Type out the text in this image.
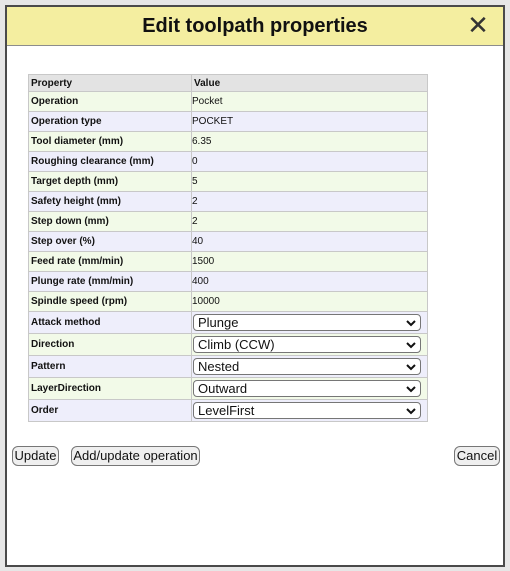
Edit toolpath properties	✕
Property	Value
Operation	Pocket
Operation type	POCKET
Tool diameter (mm)	6.35
Roughing clearance (mm)	0
Target depth (mm)	5
Safety height (mm)	2
Step down (mm)	2
Step over (%)	40
Feed rate (mm/min)	1500
Plunge rate (mm/min)	400
Spindle speed (rpm)	10000
Attack method	Plunge

Direction	Climb (CCW)

Pattern	Nested

LayerDirection	Outward

Order	LevelFirst
Update Add/update operation	Cancel
